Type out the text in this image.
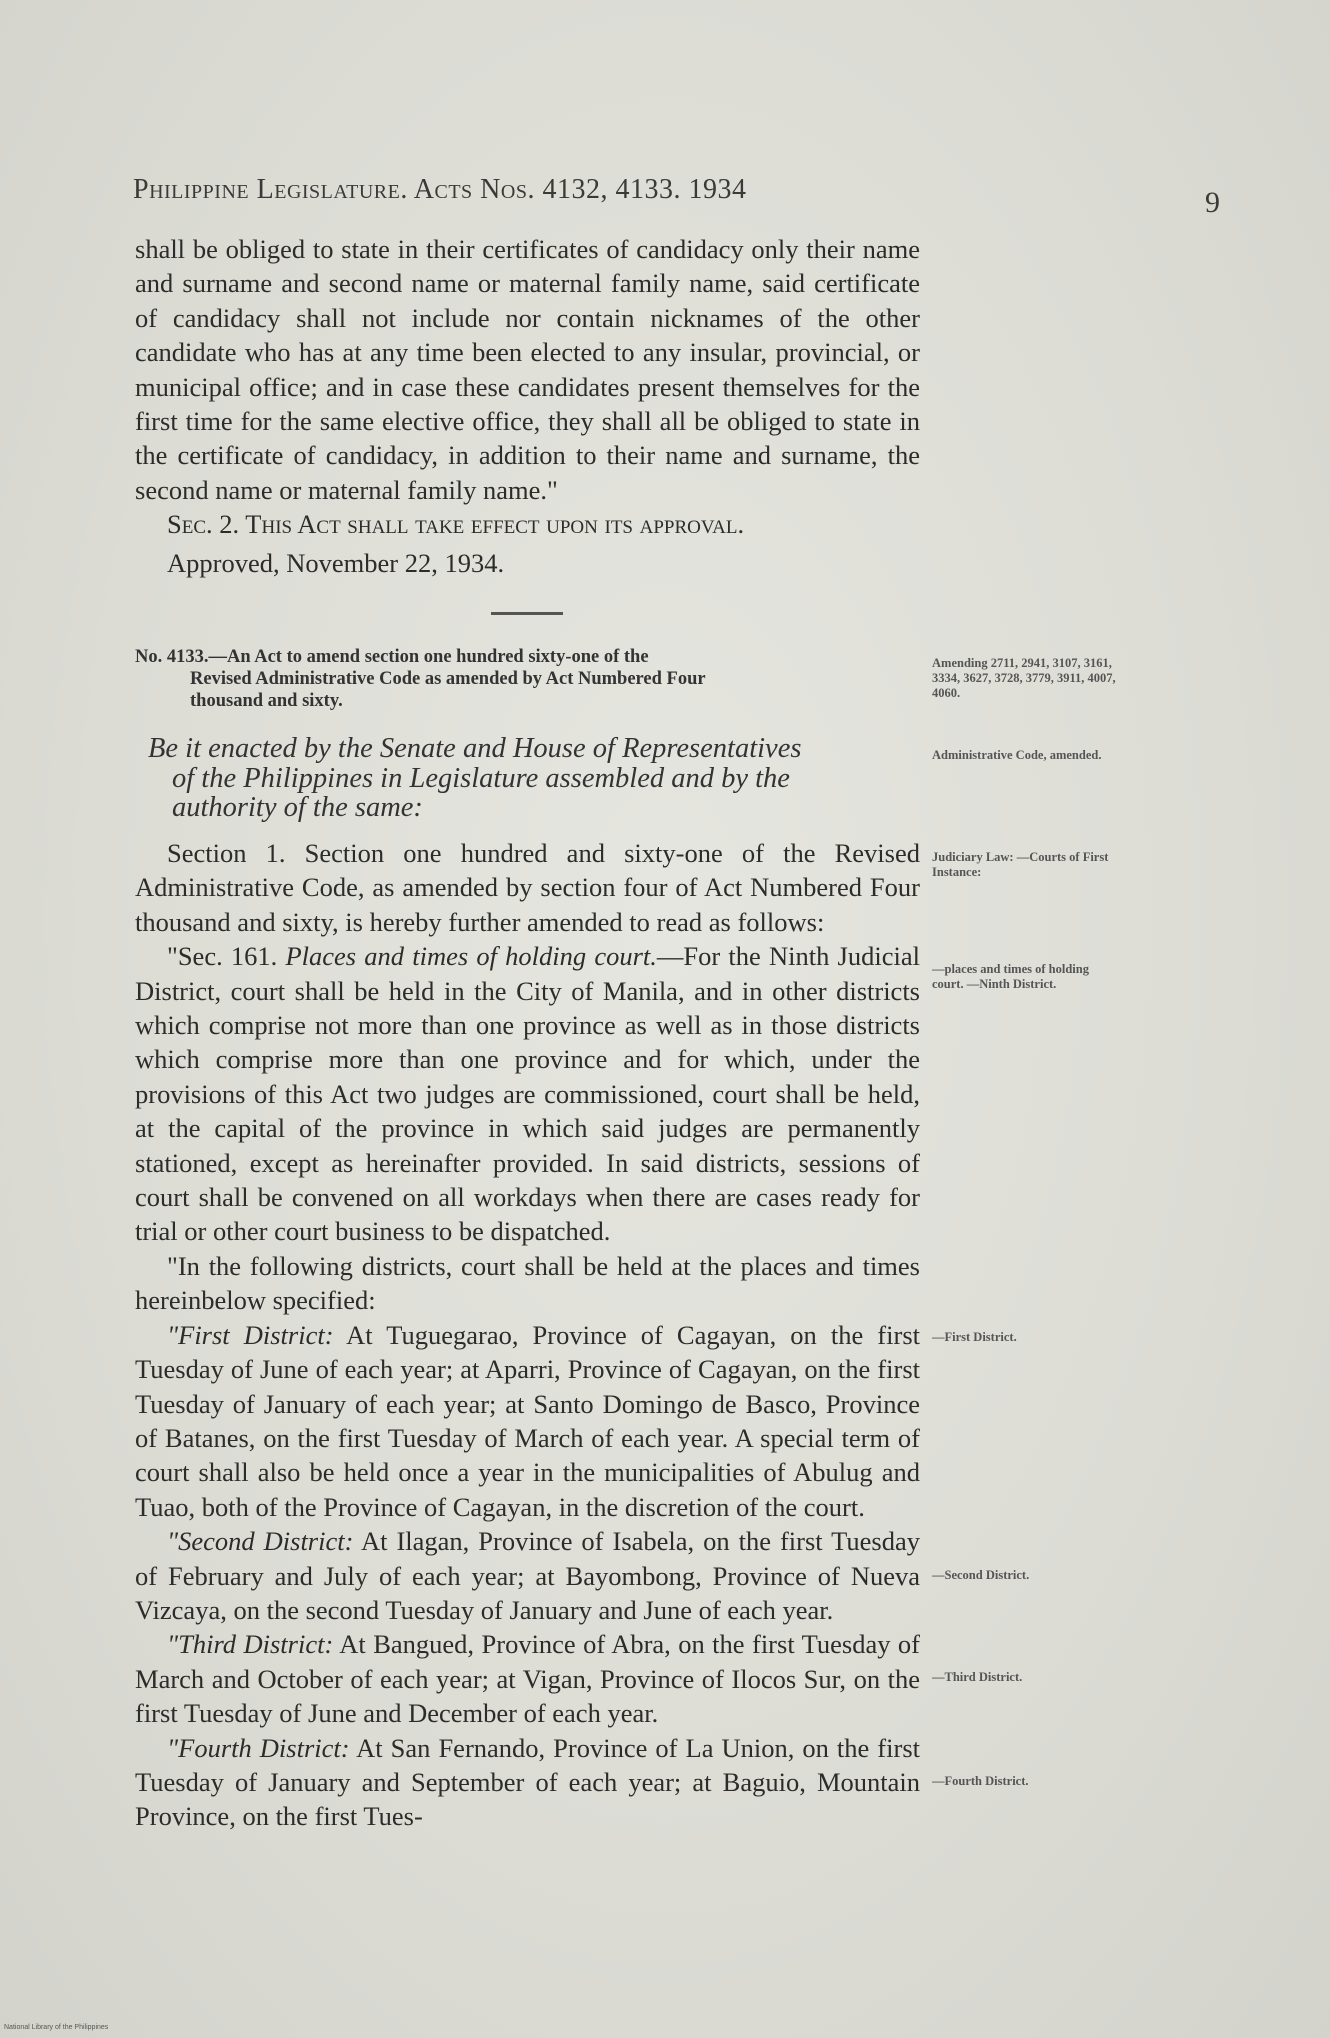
Philippine Legislature. Acts Nos. 4132, 4133. 1934	9

shall be obliged to state in their certificates of candidacy only their name and surname and second name or maternal family name, said certificate of candidacy shall not include nor contain nicknames of the other candidate who has at any time been elected to any insular, provincial, or municipal office; and in case these candidates present themselves for the first time for the same elective office, they shall all be obliged to state in the certificate of candidacy, in addition to their name and surname, the second name or maternal family name."

Sec. 2. This Act shall take effect upon its approval.

Approved, November 22, 1934.

No. 4133.—An Act to amend section one hundred sixty-one of the
Revised Administrative Code as amended by Act Numbered Four
thousand and sixty.
Be it enacted by the Senate and House of Representatives
of the Philippines in Legislature assembled and by the
authority of the same:

Section 1. Section one hundred and sixty-one of the Revised Administrative Code, as amended by section four of Act Numbered Four thousand and sixty, is hereby further amended to read as follows:

"Sec. 161. Places and times of holding court.—For the Ninth Judicial District, court shall be held in the City of Manila, and in other districts which comprise not more than one province as well as in those districts which comprise more than one province and for which, under the provisions of this Act two judges are commissioned, court shall be held, at the capital of the province in which said judges are permanently stationed, except as hereinafter provided. In said districts, sessions of court shall be convened on all workdays when there are cases ready for trial or other court business to be dispatched.

"In the following districts, court shall be held at the places and times hereinbelow specified:

"First District: At Tuguegarao, Province of Cagayan, on the first Tuesday of June of each year; at Aparri, Province of Cagayan, on the first Tuesday of January of each year; at Santo Domingo de Basco, Province of Batanes, on the first Tuesday of March of each year. A special term of court shall also be held once a year in the municipalities of Abulug and Tuao, both of the Province of Cagayan, in the discretion of the court.

"Second District: At Ilagan, Province of Isabela, on the first Tuesday of February and July of each year; at Bayombong, Province of Nueva Vizcaya, on the second Tuesday of January and June of each year.

"Third District: At Bangued, Province of Abra, on the first Tuesday of March and October of each year; at Vigan, Province of Ilocos Sur, on the first Tuesday of June and December of each year.

"Fourth District: At San Fernando, Province of La Union, on the first Tuesday of January and September of each year; at Baguio, Mountain Province, on the first Tues-

Amending 2711, 2941, 3107, 3161, 3334, 3627, 3728, 3779, 3911, 4007, 4060.
Administrative Code, amended.
Judiciary Law: —Courts of First Instance:
—places and times of holding court. —Ninth District.
—First District.
—Second District.
—Third District.
—Fourth District.
National Library of the Philippines
